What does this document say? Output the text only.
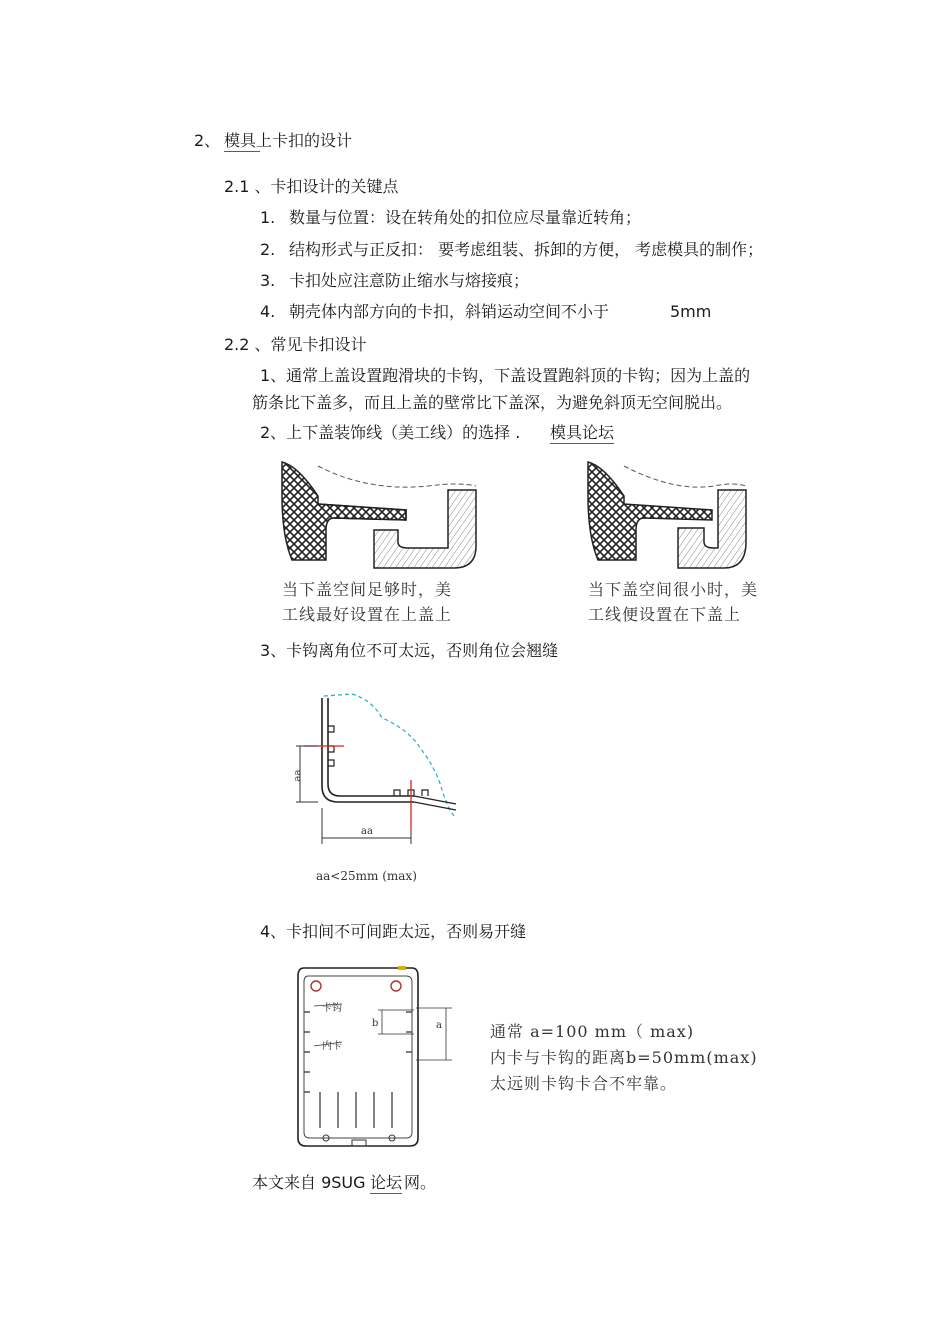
2、 模具上卡扣的设计
2.1 、卡扣设计的关键点
1. 数量与位置：设在转角处的扣位应尽量靠近转角；
2. 结构形式与正反扣： 要考虑组装、拆卸的方便， 考虑模具的制作；
3. 卡扣处应注意防止缩水与熔接痕；
4. 朝壳体内部方向的卡扣，斜销运动空间不小于	5mm
2.2 、常见卡扣设计
1、通常上盖设置跑滑块的卡钩，下盖设置跑斜顶的卡钩；因为上盖的
筋条比下盖多，而且上盖的壁常比下盖深，为避免斜顶无空间脱出。
2、上下盖装饰线（美工线）的选择 . 模具论坛
当下盖空间足够时，美
工线最好设置在上盖上
当下盖空间很小时，美
工线便设置在下盖上
3、卡钩离角位不可太远，否则角位会翘缝
aa
aa
aa<25mm (max)
4、卡扣间不可间距太远，否则易开缝
卡钩
内卡
b	a	通常 a=100 mm（ max)
内卡与卡钩的距离b=50mm(max)
太远则卡钩卡合不牢靠。
本文来自 9SUG 论坛 网。
